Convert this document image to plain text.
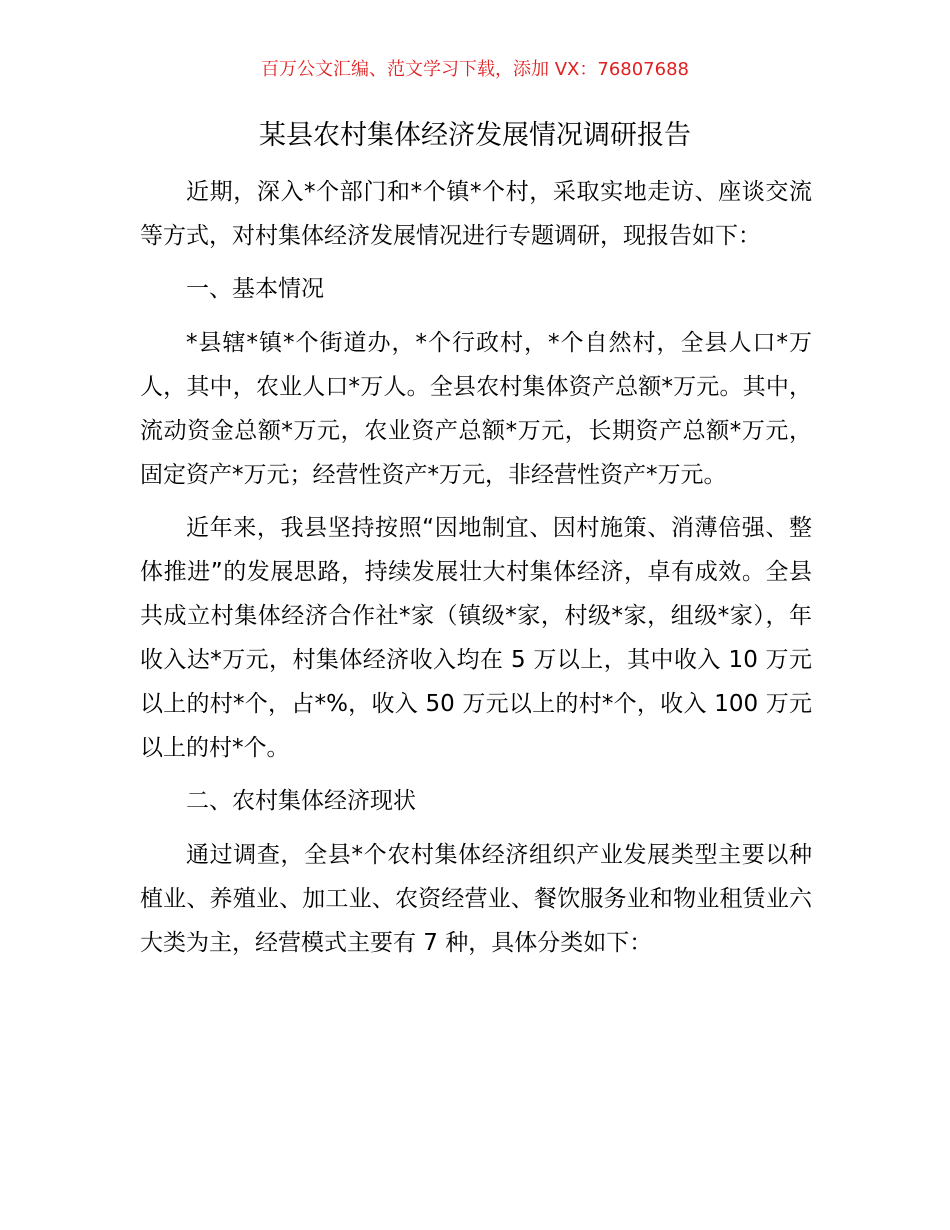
百万公文汇编、范文学习下载，添加 VX：76807688
某县农村集体经济发展情况调研报告

近期，深入*个部门和*个镇*个村，采取实地走访、座谈交流等方式，对村集体经济发展情况进行专题调研，现报告如下：

一、基本情况

*县辖*镇*个街道办，*个行政村，*个自然村，全县人口*万人，其中，农业人口*万人。全县农村集体资产总额*万元。其中，流动资金总额*万元，农业资产总额*万元，长期资产总额*万元，固定资产*万元；经营性资产*万元，非经营性资产*万元。

近年来，我县坚持按照“因地制宜、因村施策、消薄倍强、整体推进”的发展思路，持续发展壮大村集体经济，卓有成效。全县共成立村集体经济合作社*家（镇级*家，村级*家，组级*家），年收入达*万元，村集体经济收入均在 5 万以上，其中收入 10 万元以上的村*个，占*%，收入 50 万元以上的村*个，收入 100 万元以上的村*个。

二、农村集体经济现状

通过调查，全县*个农村集体经济组织产业发展类型主要以种植业、养殖业、加工业、农资经营业、餐饮服务业和物业租赁业六大类为主，经营模式主要有 7 种，具体分类如下：
